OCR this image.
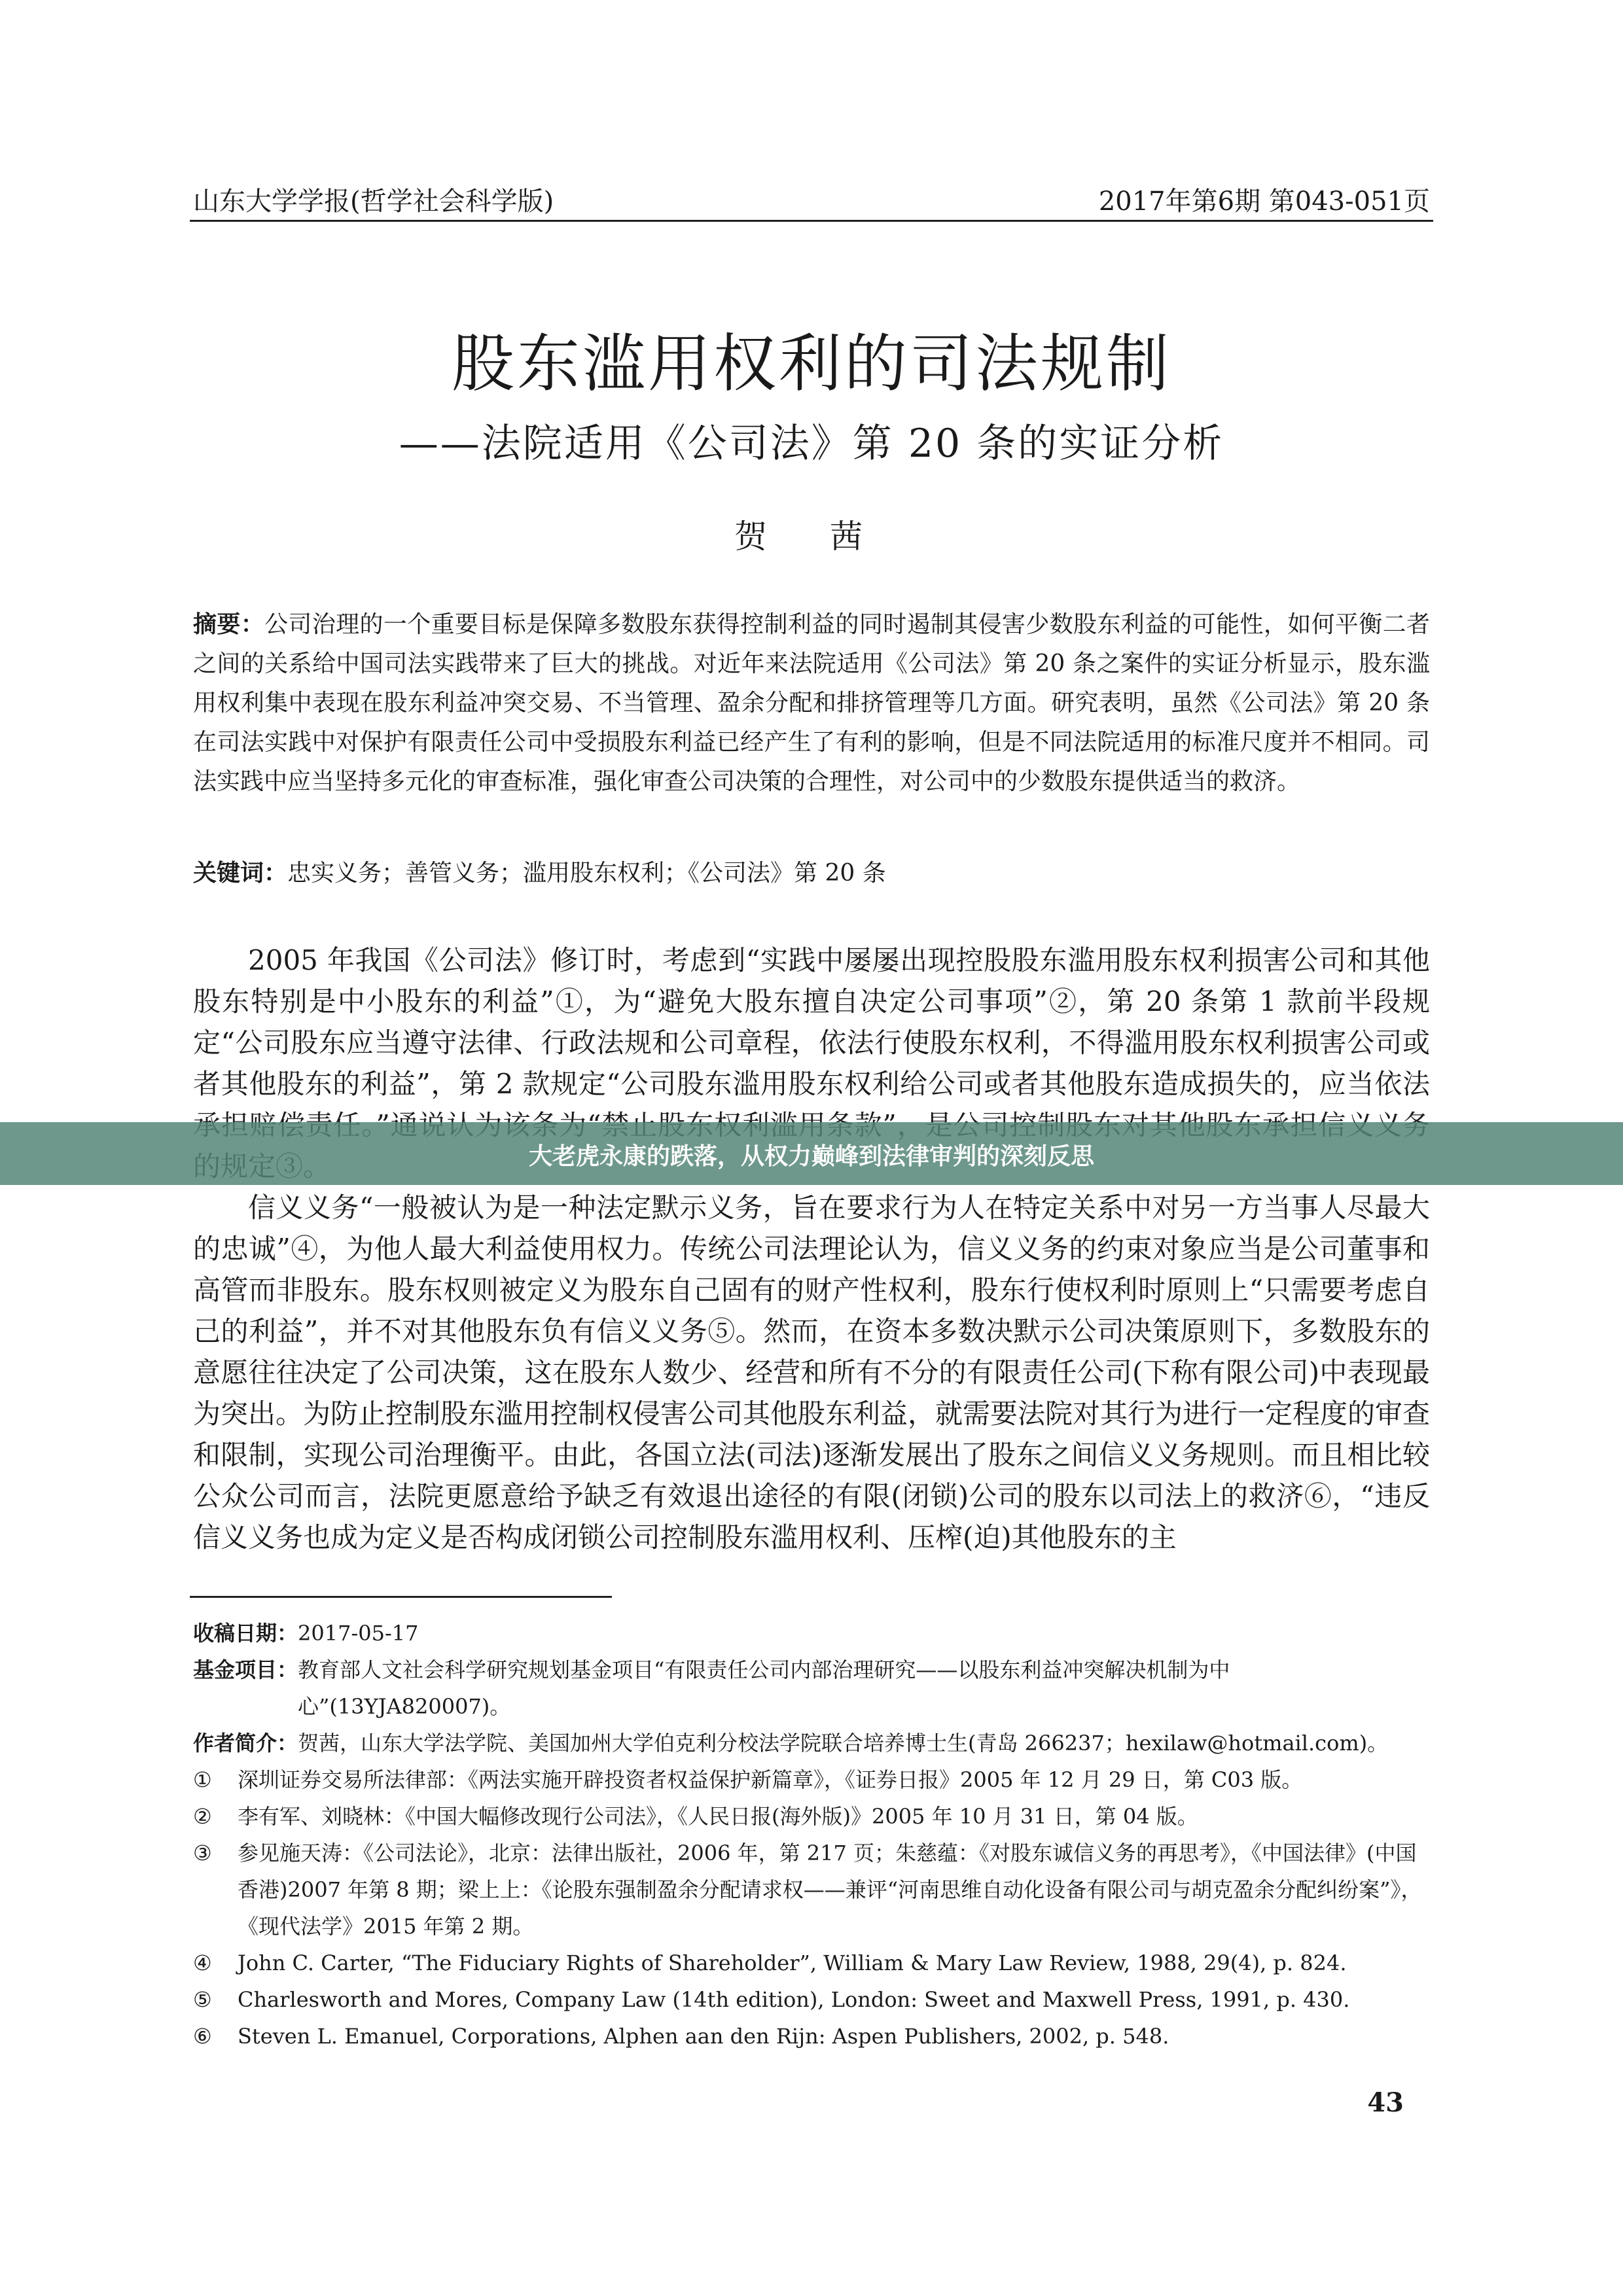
山东大学学报(哲学社会科学版)	2017年第6期 第043-051页
股东滥用权利的司法规制
——法院适用《公司法》第 20 条的实证分析
贺 茜
摘要：公司治理的一个重要目标是保障多数股东获得控制利益的同时遏制其侵害少数股东利益的可能性，如何平衡二者之间的关系给中国司法实践带来了巨大的挑战。对近年来法院适用《公司法》第 20 条之案件的实证分析显示，股东滥用权利集中表现在股东利益冲突交易、不当管理、盈余分配和排挤管理等几方面。研究表明，虽然《公司法》第 20 条在司法实践中对保护有限责任公司中受损股东利益已经产生了有利的影响，但是不同法院适用的标准尺度并不相同。司法实践中应当坚持多元化的审查标准，强化审查公司决策的合理性，对公司中的少数股东提供适当的救济。
关键词：忠实义务；善管义务；滥用股东权利；《公司法》第 20 条

2005 年我国《公司法》修订时，考虑到“实践中屡屡出现控股股东滥用股东权利损害公司和其他股东特别是中小股东的利益”①，为“避免大股东擅自决定公司事项”②，第 20 条第 1 款前半段规定“公司股东应当遵守法律、行政法规和公司章程，依法行使股东权利，不得滥用股东权利损害公司或者其他股东的利益”，第 2 款规定“公司股东滥用股东权利给公司或者其他股东造成损失的，应当依法

信义义务“一般被认为是一种法定默示义务，旨在要求行为人在特定关系中对另一方当事人尽最大的忠诚”④，为他人最大利益使用权力。传统公司法理论认为，信义义务的约束对象应当是公司董事和高管而非股东。股东权则被定义为股东自己固有的财产性权利，股东行使权利时原则上“只需要考虑自己的利益”，并不对其他股东负有信义义务⑤。然而，在资本多数决默示公司决策原则下，多数股东的意愿往往决定了公司决策，这在股东人数少、经营和所有不分的有限责任公司(下称有限公司)中表现最为突出。为防止控制股东滥用控制权侵害公司其他股东利益，就需要法院对其行为进行一定程度的审查和限制，实现公司治理衡平。由此，各国立法(司法)逐渐发展出了股东之间信义义务规则。而且相比较公众公司而言，法院更愿意给予缺乏有效退出途径的有限(闭锁)公司的股东以司法上的救济⑥，“违反信义义务也成为定义是否构成闭锁公司控制股东滥用权利、压榨(迫)其他股东的主

收稿日期： 2017-05-17
基金项目： 教育部人文社会科学研究规划基金项目“有限责任公司内部治理研究——以股东利益冲突解决机制为中心”(13YJA820007)。
作者简介： 贺茜，山东大学法学院、美国加州大学伯克利分校法学院联合培养博士生(青岛 266237；hexilaw@hotmail.com)。
①	深圳证券交易所法律部：《两法实施开辟投资者权益保护新篇章》，《证券日报》2005 年 12 月 29 日，第 C03 版。
②	李有军、刘晓林：《中国大幅修改现行公司法》，《人民日报(海外版)》2005 年 10 月 31 日，第 04 版。
③	参见施天涛：《公司法论》，北京：法律出版社，2006 年，第 217 页；朱慈蕴：《对股东诚信义务的再思考》，《中国法律》(中国香港)2007 年第 8 期；梁上上：《论股东强制盈余分配请求权——兼评“河南思维自动化设备有限公司与胡克盈余分配纠纷案”》，《现代法学》2015 年第 2 期。
④	John C. Carter, “The Fiduciary Rights of Shareholder”, William & Mary Law Review, 1988, 29(4), p. 824.
⑤	Charlesworth and Mores, Company Law (14th edition), London: Sweet and Maxwell Press, 1991, p. 430.
⑥	Steven L. Emanuel, Corporations, Alphen aan den Rijn: Aspen Publishers, 2002, p. 548.
43
大老虎永康的跌落，从权力巅峰到法律审判的深刻反思
